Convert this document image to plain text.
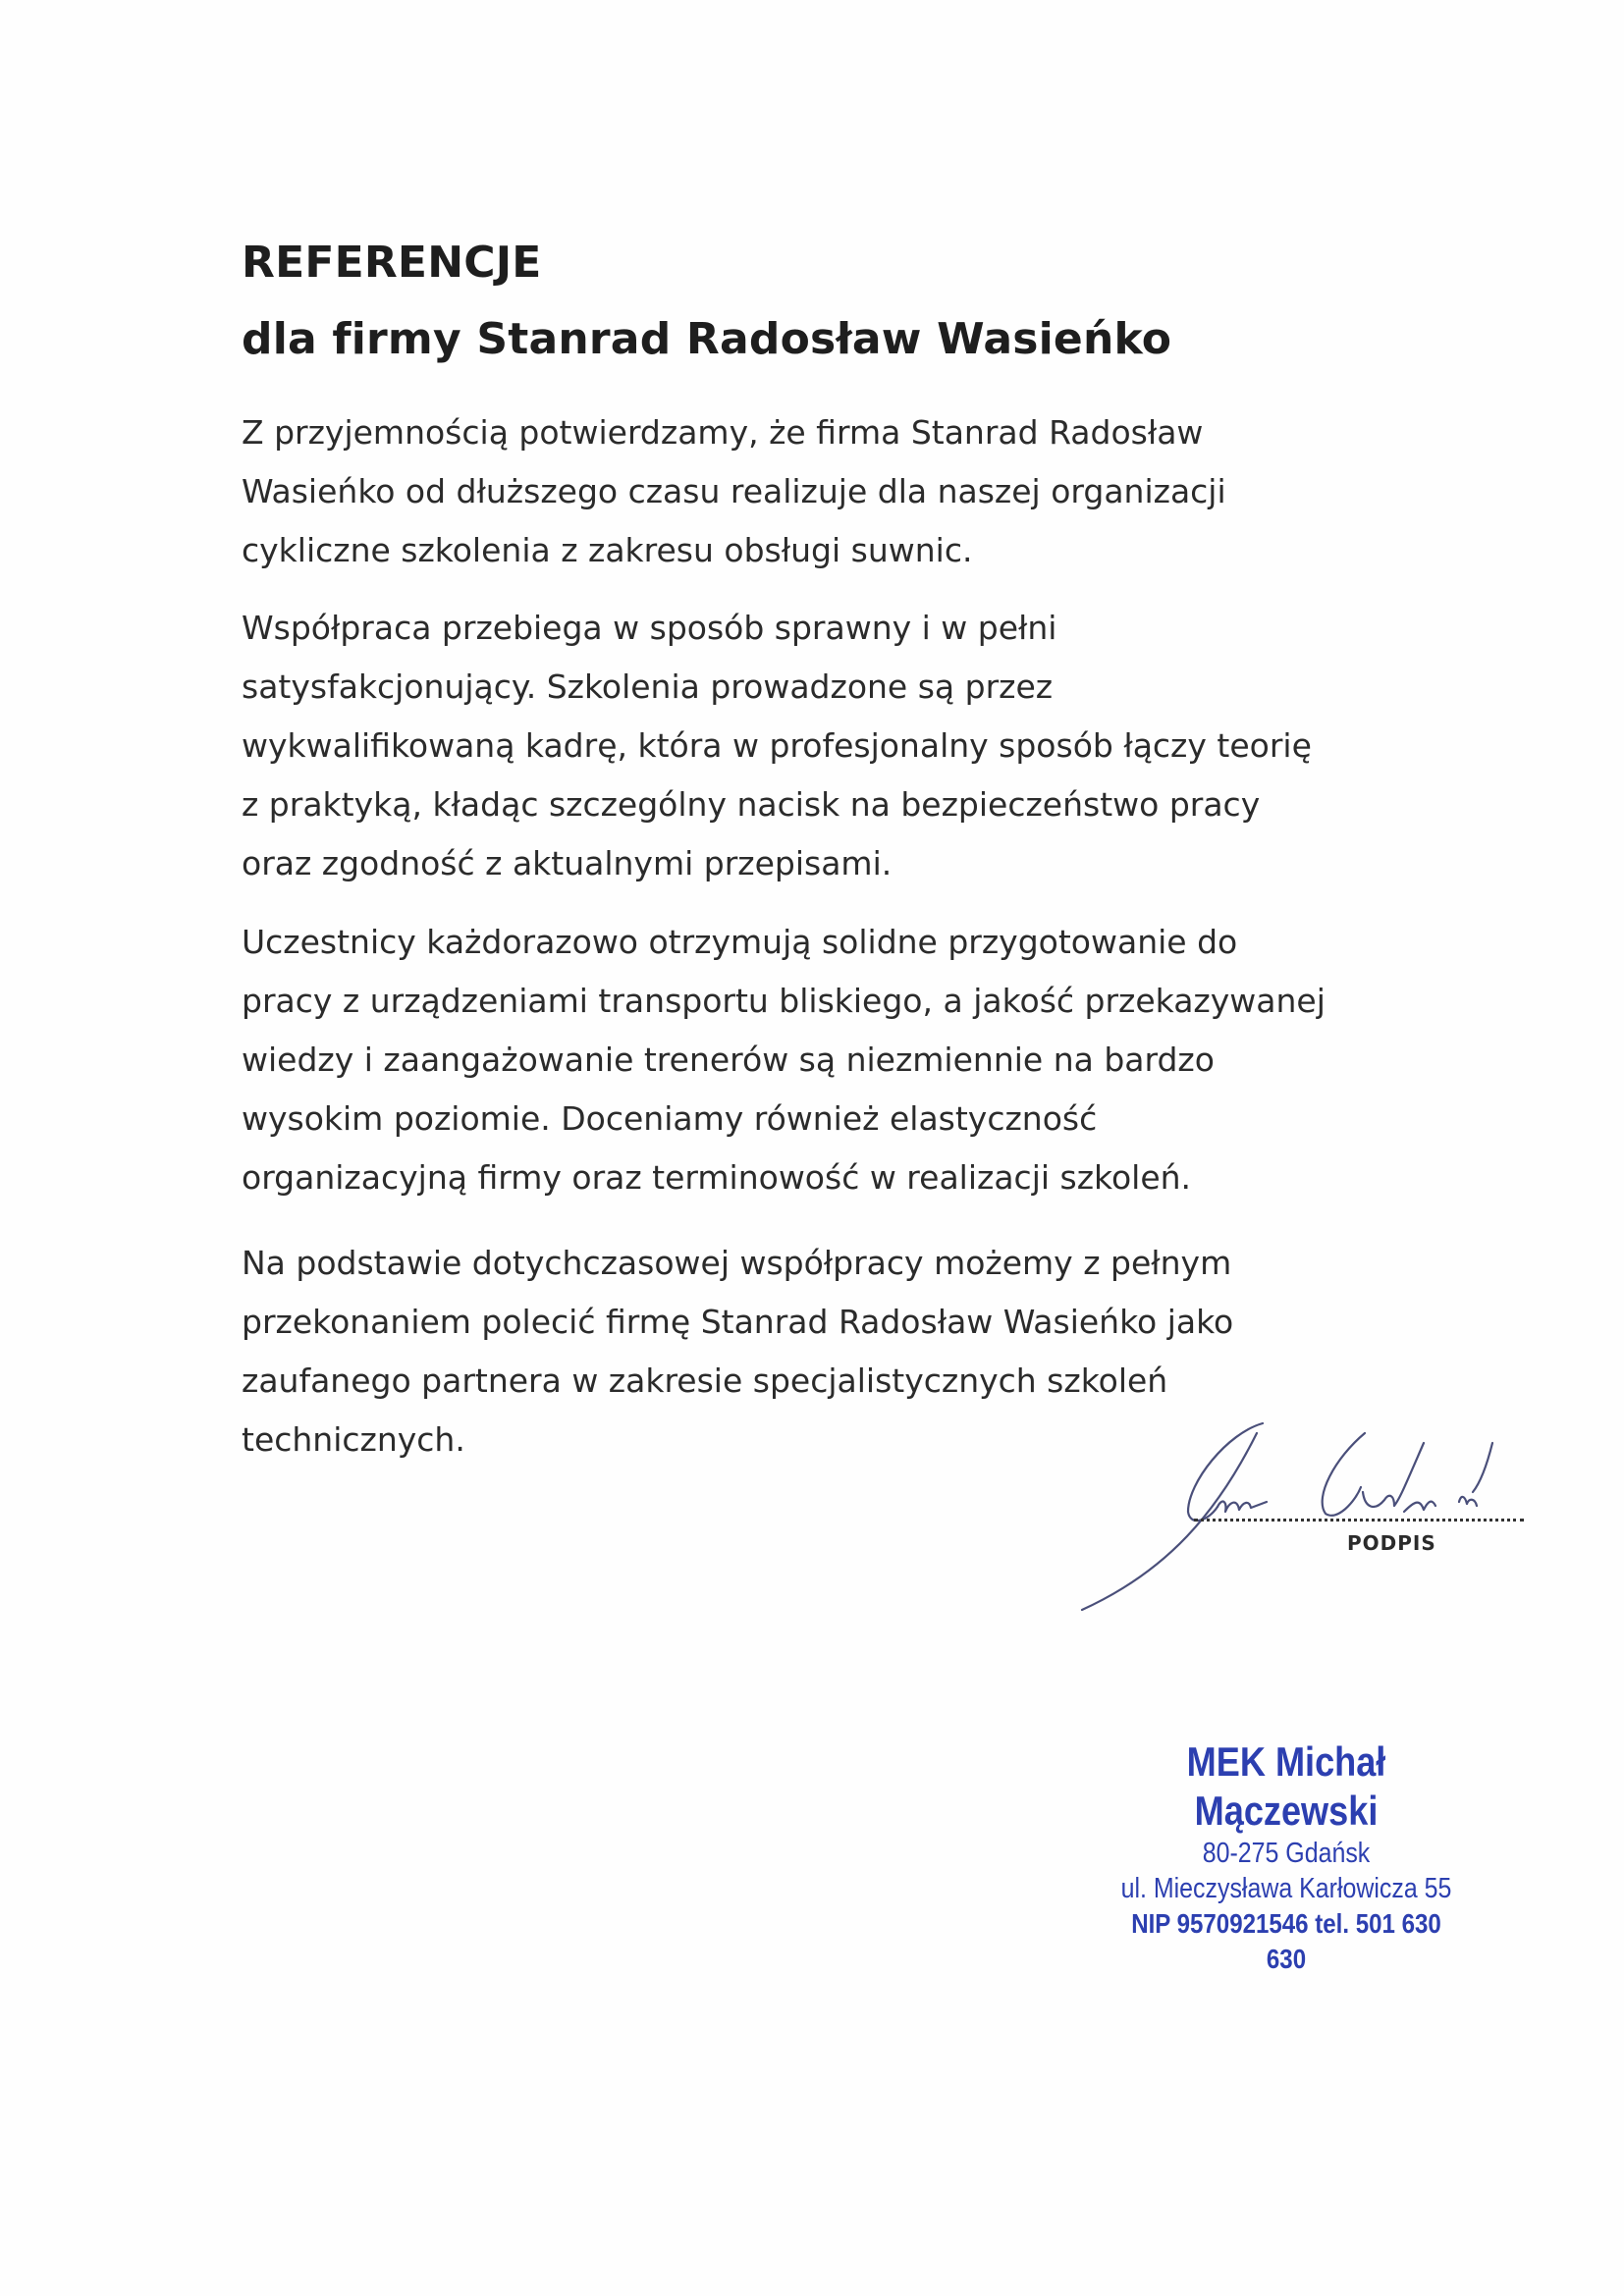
REFERENCJE
dla firmy Stanrad Radosław Wasieńko

Z przyjemnością potwierdzamy, że firma Stanrad Radosław
Wasieńko od dłuższego czasu realizuje dla naszej organizacji
cykliczne szkolenia z zakresu obsługi suwnic.

Współpraca przebiega w sposób sprawny i w pełni
satysfakcjonujący. Szkolenia prowadzone są przez
wykwalifikowaną kadrę, która w profesjonalny sposób łączy teorię
z praktyką, kładąc szczególny nacisk na bezpieczeństwo pracy
oraz zgodność z aktualnymi przepisami.

Uczestnicy każdorazowo otrzymują solidne przygotowanie do
pracy z urządzeniami transportu bliskiego, a jakość przekazywanej
wiedzy i zaangażowanie trenerów są niezmiennie na bardzo
wysokim poziomie. Doceniamy również elastyczność
organizacyjną firmy oraz terminowość w realizacji szkoleń.

Na podstawie dotychczasowej współpracy możemy z pełnym
przekonaniem polecić firmę Stanrad Radosław Wasieńko jako
zaufanego partnera w zakresie specjalistycznych szkoleń
technicznych.

PODPIS
MEK Michał Mączewski
80-275 Gdańsk
ul. Mieczysława Karłowicza 55
NIP 9570921546 tel. 501 630 630
